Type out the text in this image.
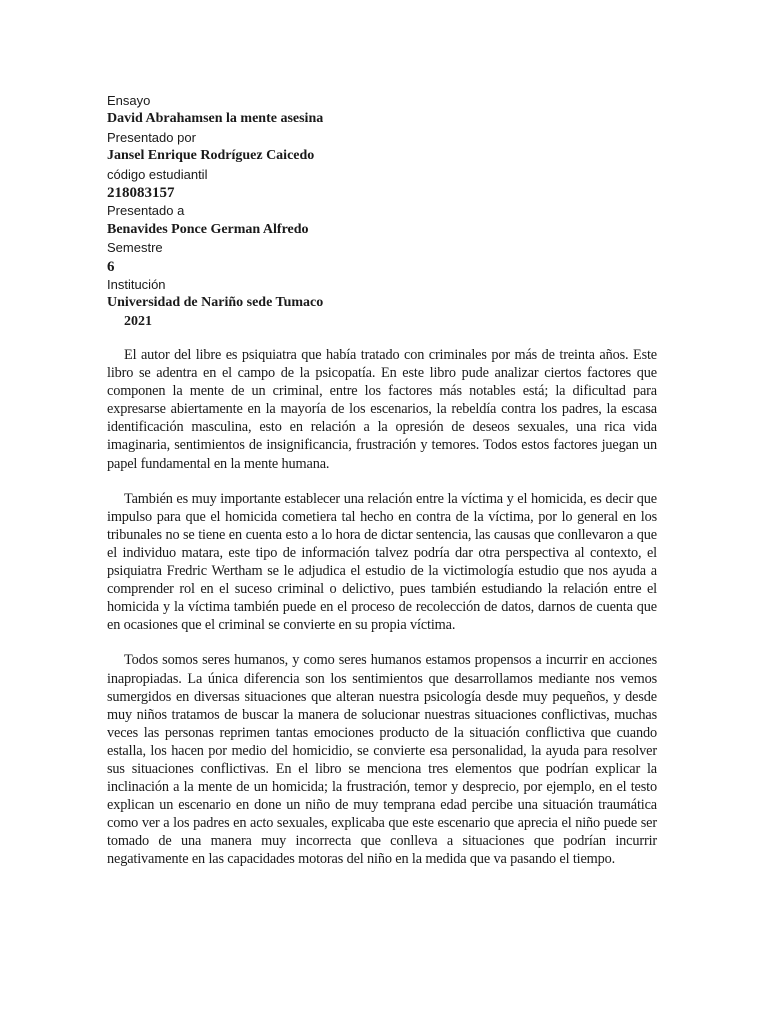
Ensayo
David Abrahamsen la mente asesina
Presentado por
Jansel Enrique Rodríguez Caicedo
código estudiantil
218083157
Presentado a
Benavides Ponce German Alfredo
Semestre
6
Institución
Universidad de Nariño sede Tumaco
2021

El autor del libre es psiquiatra que había tratado con criminales por más de treinta años. Este libro se adentra en el campo de la psicopatía. En este libro pude analizar ciertos factores que componen la mente de un criminal, entre los factores más notables está; la dificultad para expresarse abiertamente en la mayoría de los escenarios, la rebeldía contra los padres, la escasa identificación masculina, esto en relación a la opresión de deseos sexuales, una rica vida imaginaria, sentimientos de insignificancia, frustración y temores. Todos estos factores juegan un papel fundamental en la mente humana.

También es muy importante establecer una relación entre la víctima y el homicida, es decir que impulso para que el homicida cometiera tal hecho en contra de la víctima, por lo general en los tribunales no se tiene en cuenta esto a lo hora de dictar sentencia, las causas que conllevaron a que el individuo matara, este tipo de información talvez podría dar otra perspectiva al contexto, el psiquiatra Fredric Wertham se le adjudica el estudio de la victimología estudio que nos ayuda a comprender rol en el suceso criminal o delictivo, pues también estudiando la relación entre el homicida y la víctima también puede en el proceso de recolección de datos, darnos de cuenta que en ocasiones que el criminal se convierte en su propia víctima.

Todos somos seres humanos, y como seres humanos estamos propensos a incurrir en acciones inapropiadas. La única diferencia son los sentimientos que desarrollamos mediante nos vemos sumergidos en diversas situaciones que alteran nuestra psicología desde muy pequeños, y desde muy niños tratamos de buscar la manera de solucionar nuestras situaciones conflictivas, muchas veces las personas reprimen tantas emociones producto de la situación conflictiva que cuando estalla, los hacen por medio del homicidio, se convierte esa personalidad, la ayuda para resolver sus situaciones conflictivas. En el libro se menciona tres elementos que podrían explicar la inclinación a la mente de un homicida; la frustración, temor y desprecio, por ejemplo, en el testo explican un escenario en done un niño de muy temprana edad percibe una situación traumática como ver a los padres en acto sexuales, explicaba que este escenario que aprecia el niño puede ser tomado de una manera muy incorrecta que conlleva a situaciones que podrían incurrir negativamente en las capacidades motoras del niño en la medida que va pasando el tiempo.
